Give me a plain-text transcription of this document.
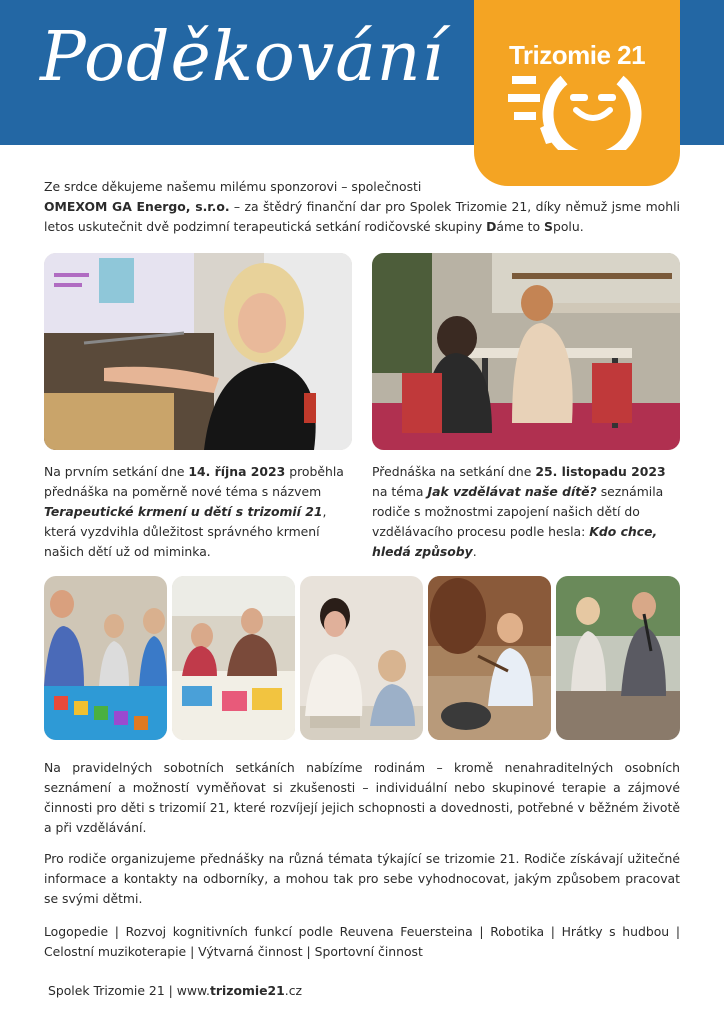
Poděkování	Trizomie 21
Ze srdce děkujeme našemu milému sponzorovi – společnosti
OMEXOM GA Energo, s.r.o. – za štědrý finanční dar pro Spolek Trizomie 21, díky němuž jsme mohli letos uskutečnit dvě podzimní terapeutická setkání rodičovské skupiny Dáme to Spolu.
Na prvním setkání dne 14. října 2023 proběhla přednáška na poměrně nové téma s názvem Terapeutické krmení u dětí s trizomií 21, která vyzdvihla důležitost správného krmení našich dětí už od miminka.
Přednáška na setkání dne 25. listopadu 2023 na téma Jak vzdělávat naše dítě? seznámila rodiče s možnostmi zapojení našich dětí do vzdělávacího procesu podle hesla: Kdo chce, hledá způsoby.
Na pravidelných sobotních setkáních nabízíme rodinám – kromě nenahraditelných osobních seznámení a možností vyměňovat si zkušenosti – individuální nebo skupinové terapie a zájmové činnosti pro děti s trizomií 21, které rozvíjejí jejich schopnosti a dovednosti, potřebné v běžném životě a při vzdělávání.
Pro rodiče organizujeme přednášky na různá témata týkající se trizomie 21. Rodiče získávají užitečné informace a kontakty na odborníky, a mohou tak pro sebe vyhodnocovat, jakým způsobem pracovat se svými dětmi.
Logopedie | Rozvoj kognitivních funkcí podle Reuvena Feuersteina | Robotika | Hrátky s hudbou | Celostní muzikoterapie | Výtvarná činnost | Sportovní činnost
Spolek Trizomie 21 | www.trizomie21.cz
